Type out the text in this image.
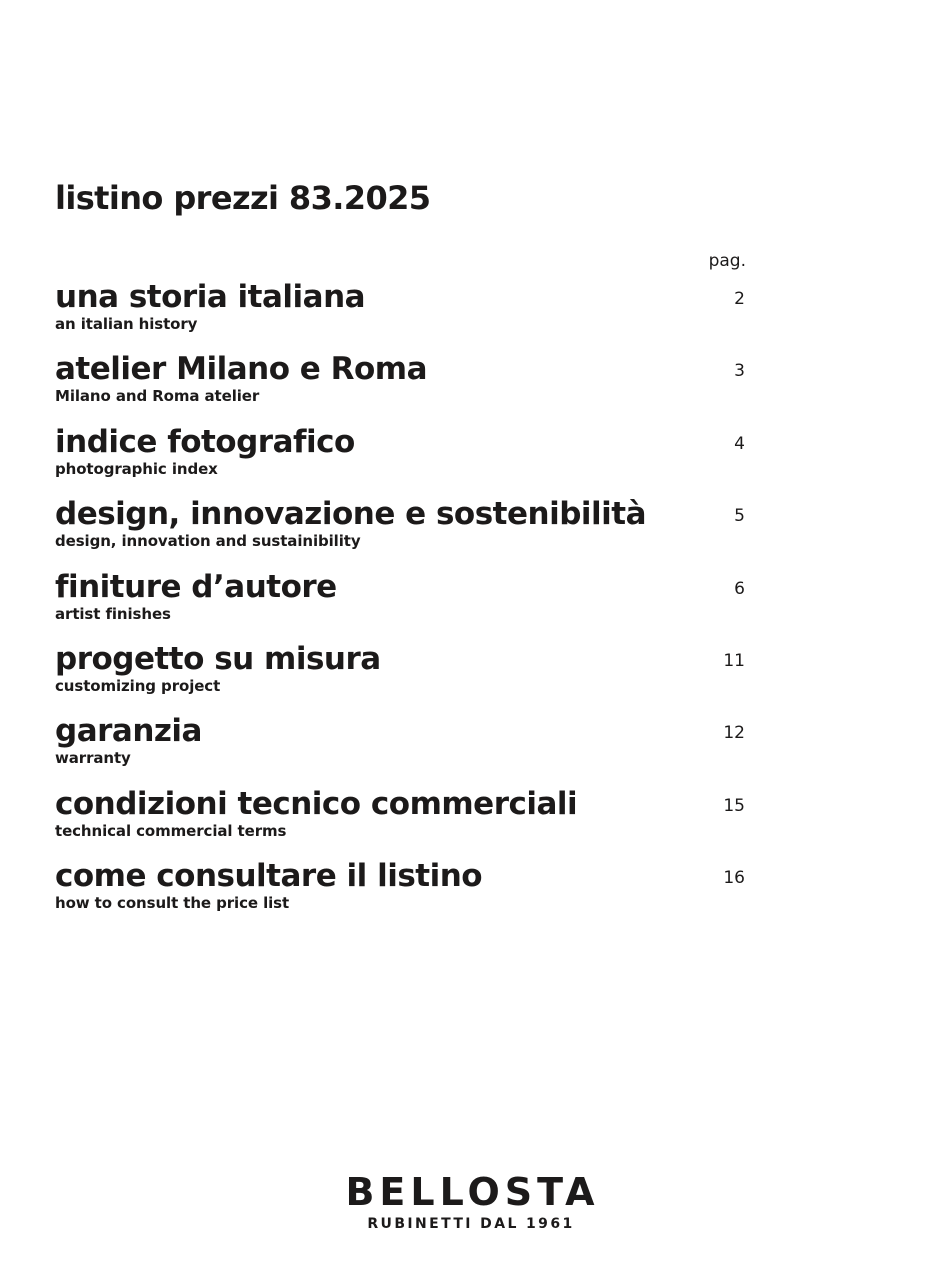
listino prezzi 83.2025
pag.
una storia italiana
an italian history
2
atelier Milano e Roma
Milano and Roma atelier
3
indice fotografico
photographic index
4
design, innovazione e sostenibilità
design, innovation and sustainibility
5
finiture d’autore
artist finishes
6
progetto su misura
customizing project
11
garanzia
warranty
12
condizioni tecnico commerciali
technical commercial terms
15
come consultare il listino
how to consult the price list
16
BELLOSTA
RUBINETTI DAL 1961
